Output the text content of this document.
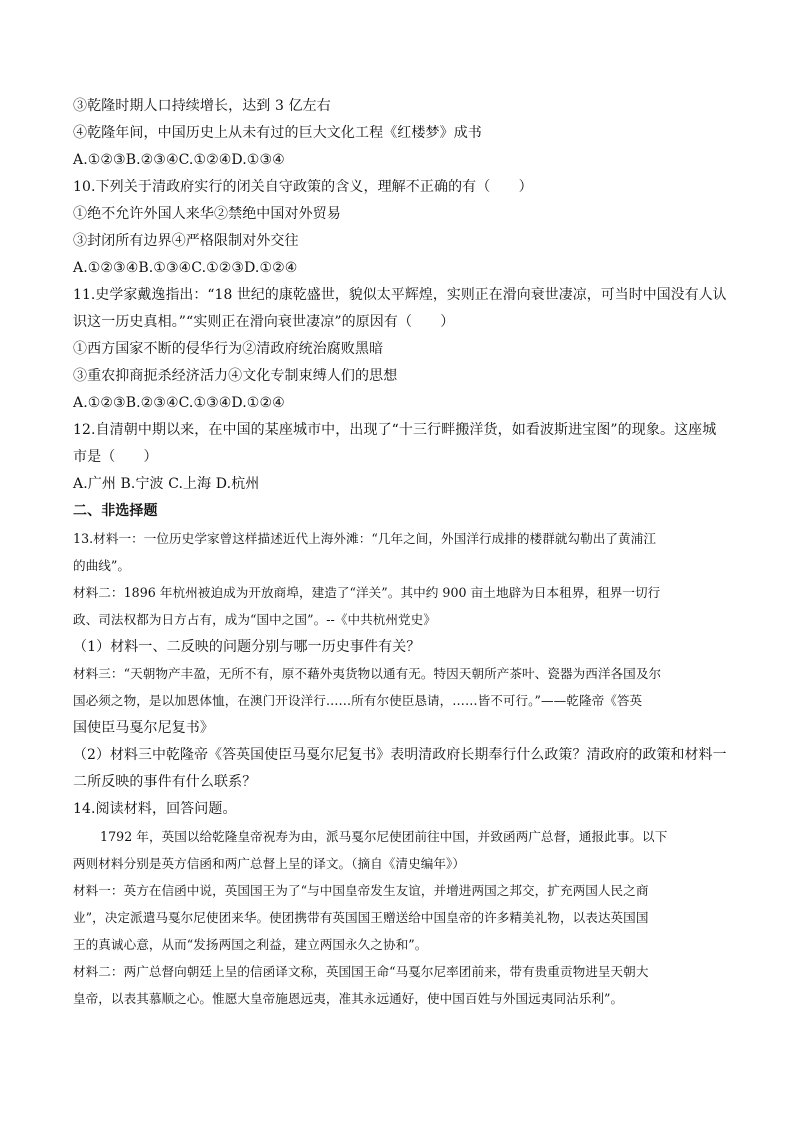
③乾隆时期人口持续增长，达到 3 亿左右
④乾隆年间，中国历史上从未有过的巨大文化工程《红楼梦》成书
A.①②③B.②③④C.①②④D.①③④
10.下列关于清政府实行的闭关自守政策的含义，理解不正确的有（　　）
①绝不允许外国人来华②禁绝中国对外贸易
③封闭所有边界④严格限制对外交往
A.①②③④B.①③④C.①②③D.①②④
11.史学家戴逸指出：“18 世纪的康乾盛世，貌似太平辉煌，实则正在滑向衰世凄凉，可当时中国没有人认
识这一历史真相。”“实则正在滑向衰世凄凉”的原因有（　　）
①西方国家不断的侵华行为②清政府统治腐败黑暗
③重农抑商扼杀经济活力④文化专制束缚人们的思想
A.①②③B.②③④C.①③④D.①②④
12.自清朝中期以来，在中国的某座城市中，出现了“十三行畔搬洋货，如看波斯进宝图”的现象。这座城
市是（　　）
A.广州 B.宁波 C.上海 D.杭州
二、非选择题
13.材料一：一位历史学家曾这样描述近代上海外滩：“几年之间，外国洋行成排的楼群就勾勒出了黄浦江
的曲线”。
材料二：1896 年杭州被迫成为开放商埠，建造了“洋关”。其中约 900 亩土地辟为日本租界，租界一切行
政、司法权都为日方占有，成为“国中之国”。--《中共杭州党史》
（1）材料一、二反映的问题分别与哪一历史事件有关？
材料三：“天朝物产丰盈，无所不有，原不藉外夷货物以通有无。特因天朝所产茶叶、瓷器为西洋各国及尔
国必须之物，是以加恩体恤，在澳门开设洋行……所有尔使臣恳请，……皆不可行。”——乾隆帝《答英
国使臣马戛尔尼复书》
（2）材料三中乾隆帝《答英国使臣马戛尔尼复书》表明清政府长期奉行什么政策？清政府的政策和材料一
二所反映的事件有什么联系？
14.阅读材料，回答问题。
1792 年，英国以给乾隆皇帝祝寿为由，派马戛尔尼使团前往中国，并致函两广总督，通报此事。以下
两则材料分别是英方信函和两广总督上呈的译文。（摘自《清史编年》）
材料一：英方在信函中说，英国国王为了“与中国皇帝发生友谊，并增进两国之邦交，扩充两国人民之商
业”，决定派遣马戛尔尼使团来华。使团携带有英国国王赠送给中国皇帝的许多精美礼物，以表达英国国
王的真诚心意，从而“发扬两国之利益，建立两国永久之协和”。
材料二：两广总督向朝廷上呈的信函译文称，英国国王命“马戛尔尼率团前来，带有贵重贡物进呈天朝大
皇帝，以表其慕顺之心。惟愿大皇帝施恩远夷，准其永远通好，使中国百姓与外国远夷同沾乐利”。
